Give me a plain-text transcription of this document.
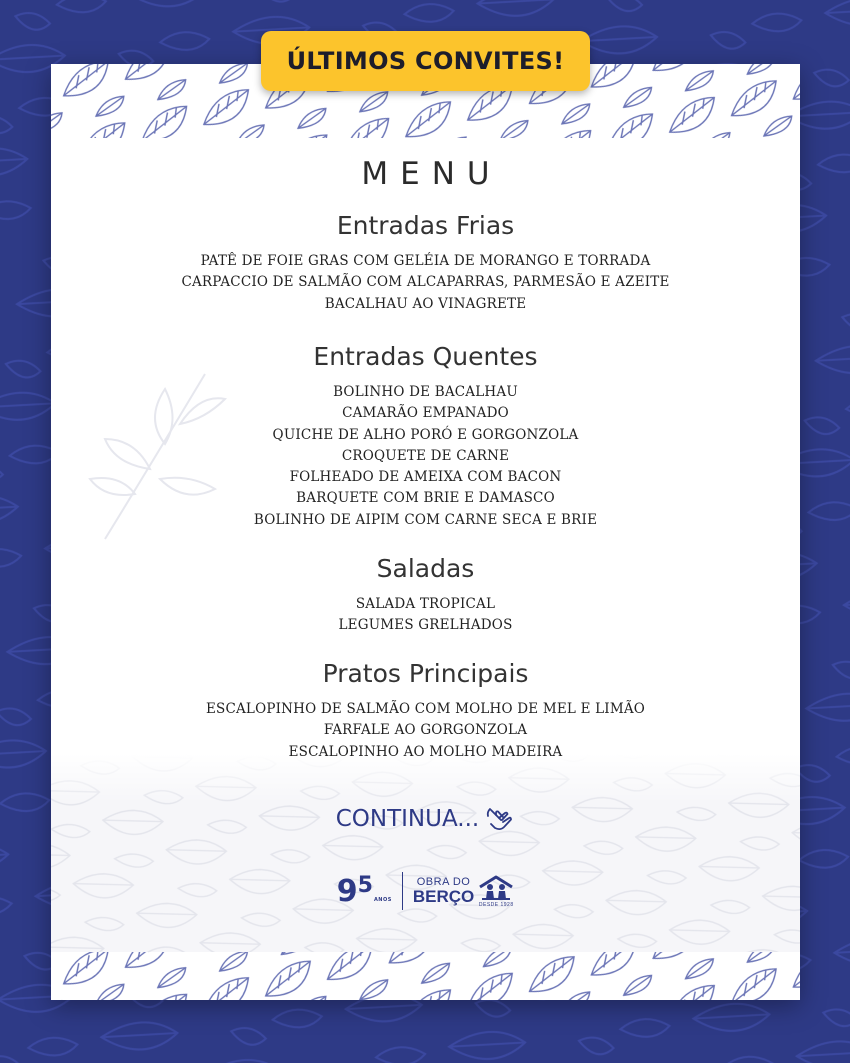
MENU
Entradas Frias
PATÊ DE FOIE GRAS COM GELÉIA DE MORANGO E TORRADA
CARPACCIO DE SALMÃO COM ALCAPARRAS, PARMESÃO E AZEITE
BACALHAU AO VINAGRETE
Entradas Quentes
BOLINHO DE BACALHAU
CAMARÃO EMPANADO
QUICHE DE ALHO PORÓ E GORGONZOLA
CROQUETE DE CARNE
FOLHEADO DE AMEIXA COM BACON
BARQUETE COM BRIE E DAMASCO
BOLINHO DE AIPIM COM CARNE SECA E BRIE
Saladas
SALADA TROPICAL
LEGUMES GRELHADOS
Pratos Principais
ESCALOPINHO DE SALMÃO COM MOLHO DE MEL E LIMÃO
FARFALE AO GORGONZOLA
ESCALOPINHO AO MOLHO MADEIRA
CONTINUA...
9 5
ANOS
OBRA DO
BERÇO DESDE 1928
ÚLTIMOS CONVITES!
